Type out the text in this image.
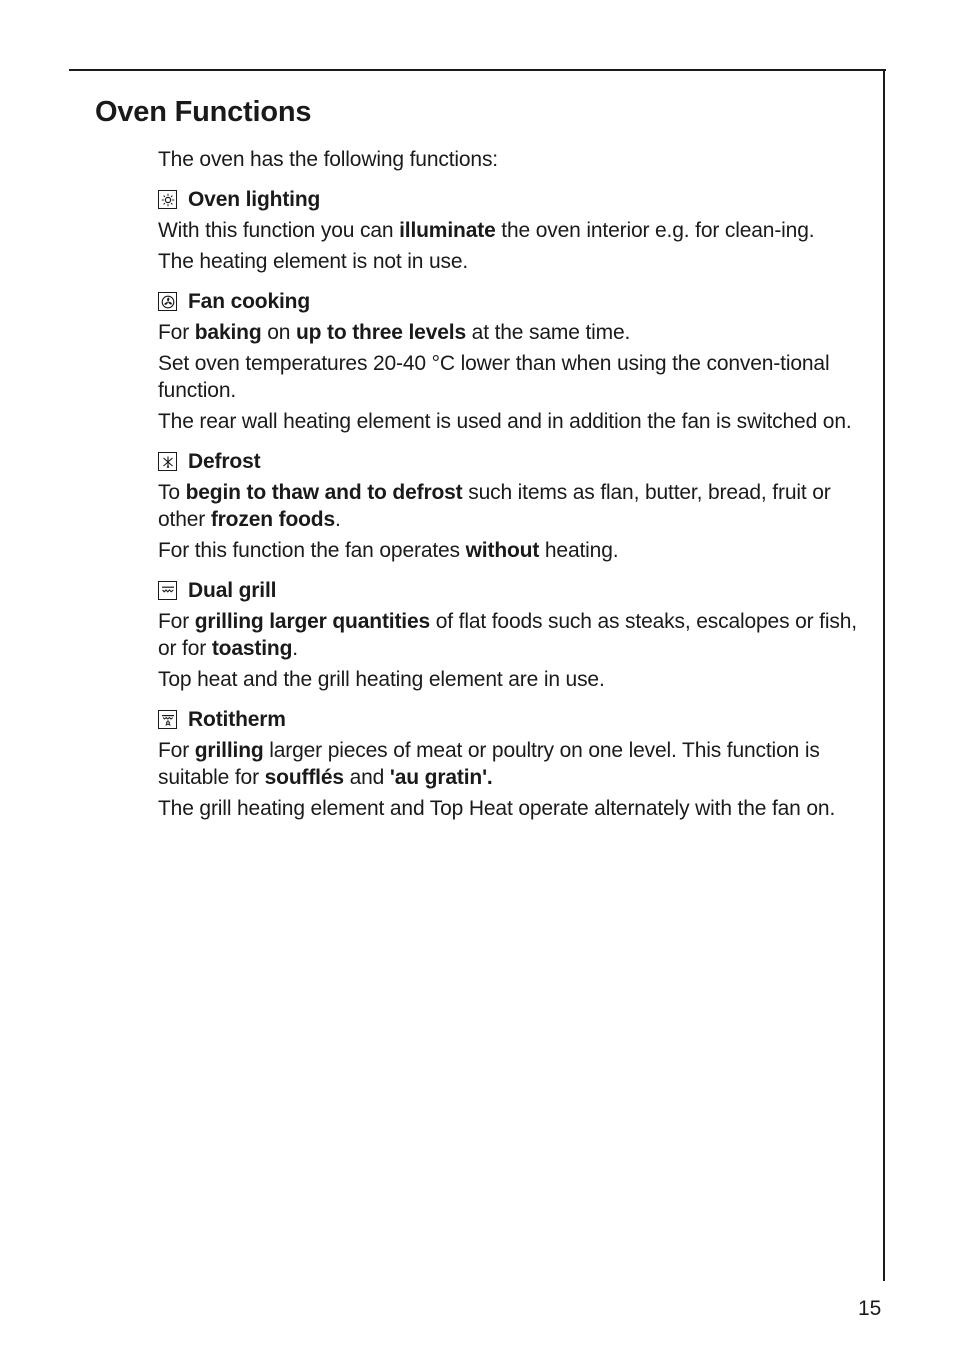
Oven Functions

The oven has the following functions:

Oven lighting

With this function you can illuminate the oven interior e.g. for clean-ing.

The heating element is not in use.

Fan cooking

For baking on up to three levels at the same time.

Set oven temperatures 20-40 °C lower than when using the conven-tional function.

The rear wall heating element is used and in addition the fan is switched on.

Defrost

To begin to thaw and to defrost such items as flan, butter, bread, fruit or other frozen foods.

For this function the fan operates without heating.

Dual grill

For grilling larger quantities of flat foods such as steaks, escalopes or fish, or for toasting.

Top heat and the grill heating element are in use.

Rotitherm

For grilling larger pieces of meat or poultry on one level. This function is suitable for soufflés and 'au gratin'.

The grill heating element and Top Heat operate alternately with the fan on.

15
